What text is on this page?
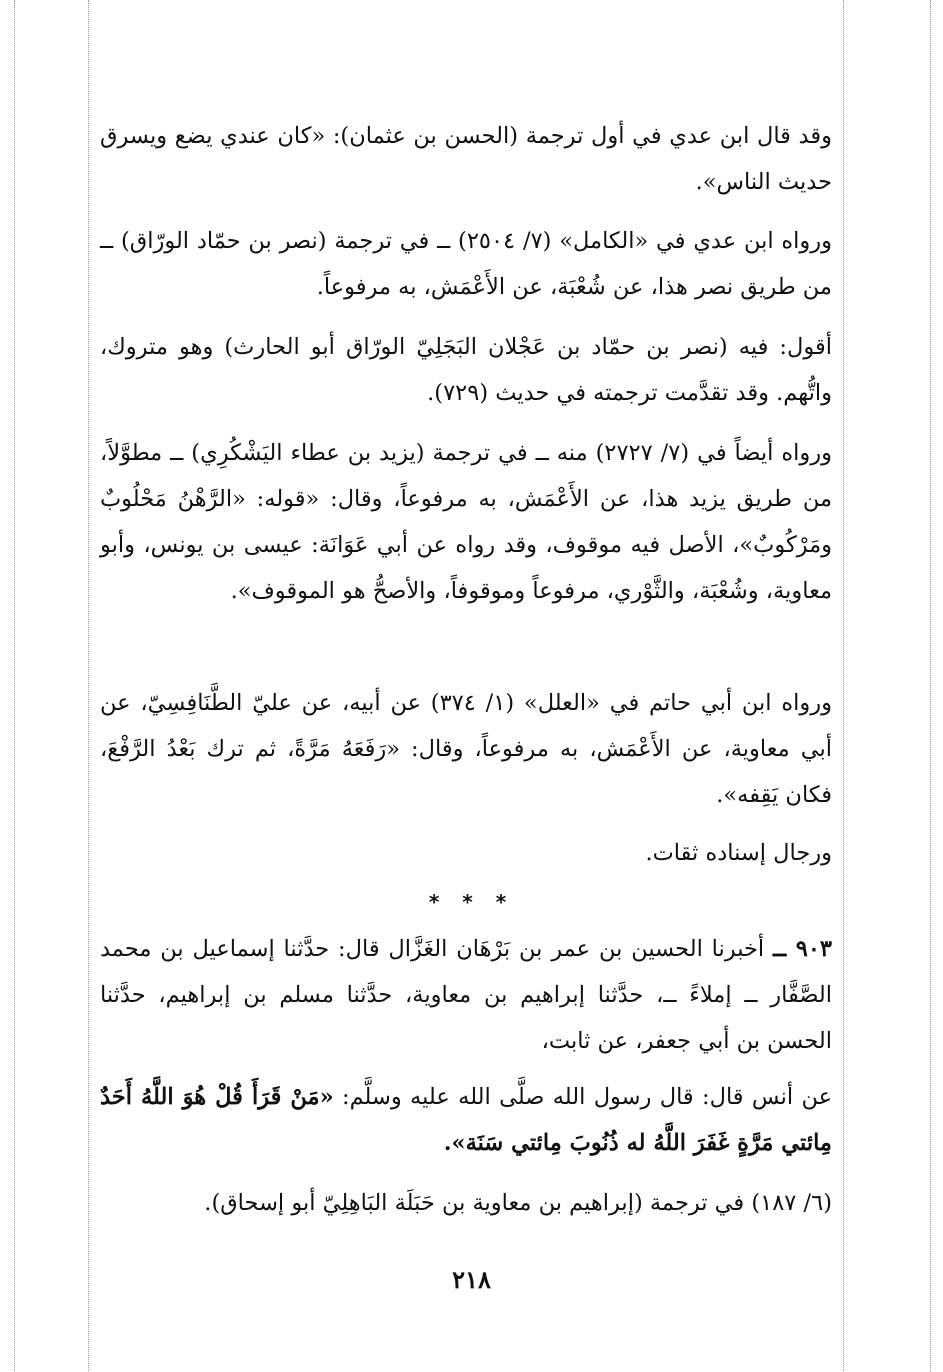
وقد قال ابن عدي في أول ترجمة (الحسن بن عثمان): «كان عندي يضع ويسرق حديث الناس».

ورواه ابن عدي في «الكامل» (٧/ ٢٥٠٤) ــ في ترجمة (نصر بن حمّاد الورّاق) ــ من طريق نصر هذا، عن شُعْبَة، عن الأَعْمَش، به مرفوعاً.

أقول: فيه (نصر بن حمّاد بن عَجْلان البَجَلِيّ الورّاق أبو الحارث) وهو متروك، واتُّهم. وقد تقدَّمت ترجمته في حديث (٧٢٩).

ورواه أيضاً في (٧/ ٢٧٢٧) منه ــ في ترجمة (يزيد بن عطاء اليَشْكُرِي) ــ مطوَّلاً، من طريق يزيد هذا، عن الأَعْمَش، به مرفوعاً، وقال: «قوله: «الرَّهْنُ مَحْلُوبٌ ومَرْكُوبٌ»، الأصل فيه موقوف، وقد رواه عن أبي عَوَانَة: عيسى بن يونس، وأبو معاوية، وشُعْبَة، والثَّوْري، مرفوعاً وموقوفاً، والأصحُّ هو الموقوف».

ورواه ابن أبي حاتم في «العلل» (١/ ٣٧٤) عن أبيه، عن عليّ الطَّنَافِسِيّ، عن أبي معاوية، عن الأَعْمَش، به مرفوعاً، وقال: «رَفَعَهُ مَرَّةً، ثم ترك بَعْدُ الرَّفْعَ، فكان يَقِفه».

ورجال إسناده ثقات.

* * *

٩٠٣ ــ أخبرنا الحسين بن عمر بن بَرْهَان الغَزَّال قال: حدَّثنا إسماعيل بن محمد الصَّفَّار ــ إملاءً ــ، حدَّثنا إبراهيم بن معاوية، حدَّثنا مسلم بن إبراهيم، حدَّثنا الحسن بن أبي جعفر، عن ثابت،

عن أنس قال: قال رسول الله صلَّى الله عليه وسلَّم: «مَنْ قَرَأَ قُلْ هُوَ اللَّهُ أَحَدٌ مِائتي مَرَّةٍ غَفَرَ اللَّهُ له ذُنُوبَ مِائتي سَنَة».

(٦/ ١٨٧) في ترجمة (إبراهيم بن معاوية بن حَبَلَة البَاهِلِيّ أبو إسحاق).

٢١٨
